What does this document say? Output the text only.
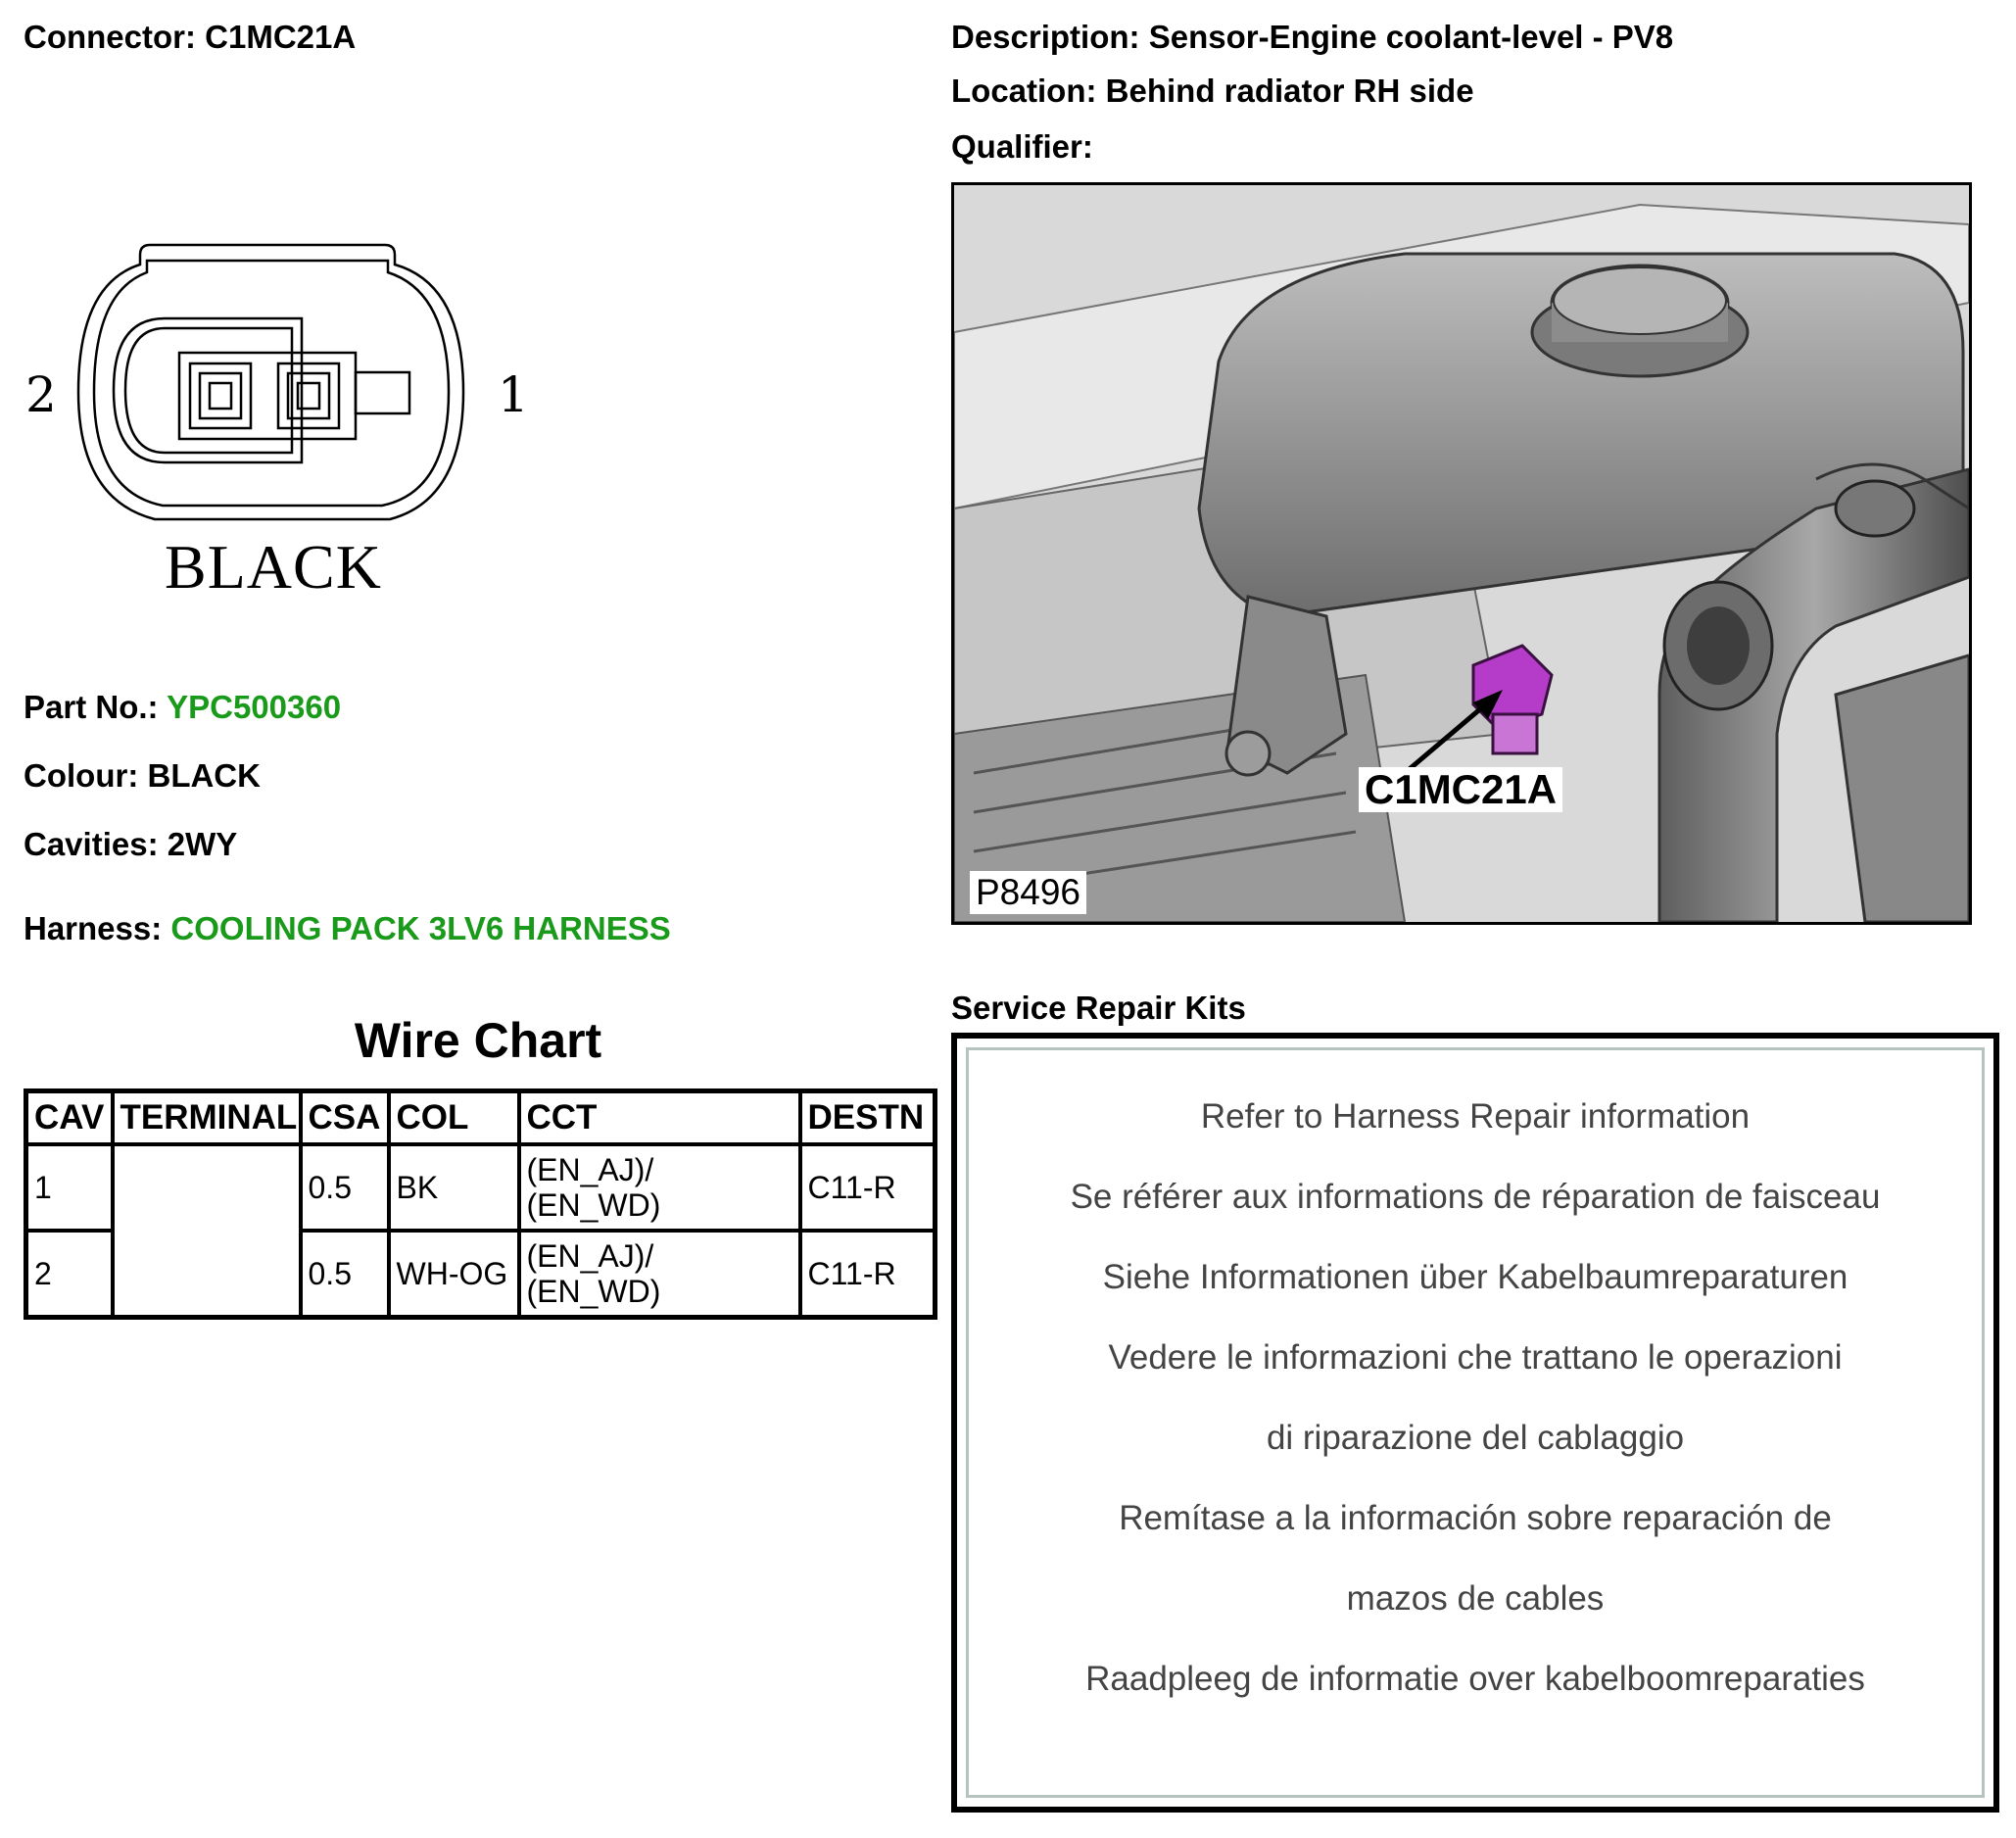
Connector: C1MC21A	Description: Sensor-Engine coolant-level - PV8
Location: Behind radiator RH side
Qualifier:
2	1
BLACK
Part No.: YPC500360
Colour: BLACK
Cavities: 2WY
Harness: COOLING PACK 3LV6 HARNESS
C1MC21A
P8496
Wire Chart
CAV	TERMINAL	CSA	COL	CCT	DESTN
1		0.5	BK	(EN_AJ)/ (EN_WD)	C11-R
2		0.5	WH-OG	(EN_AJ)/ (EN_WD)	C11-R
Service Repair Kits
Refer to Harness Repair information
Se référer aux informations de réparation de faisceau
Siehe Informationen über Kabelbaumreparaturen
Vedere le informazioni che trattano le operazioni
di riparazione del cablaggio
Remítase a la información sobre reparación de
mazos de cables
Raadpleeg de informatie over kabelboomreparaties
